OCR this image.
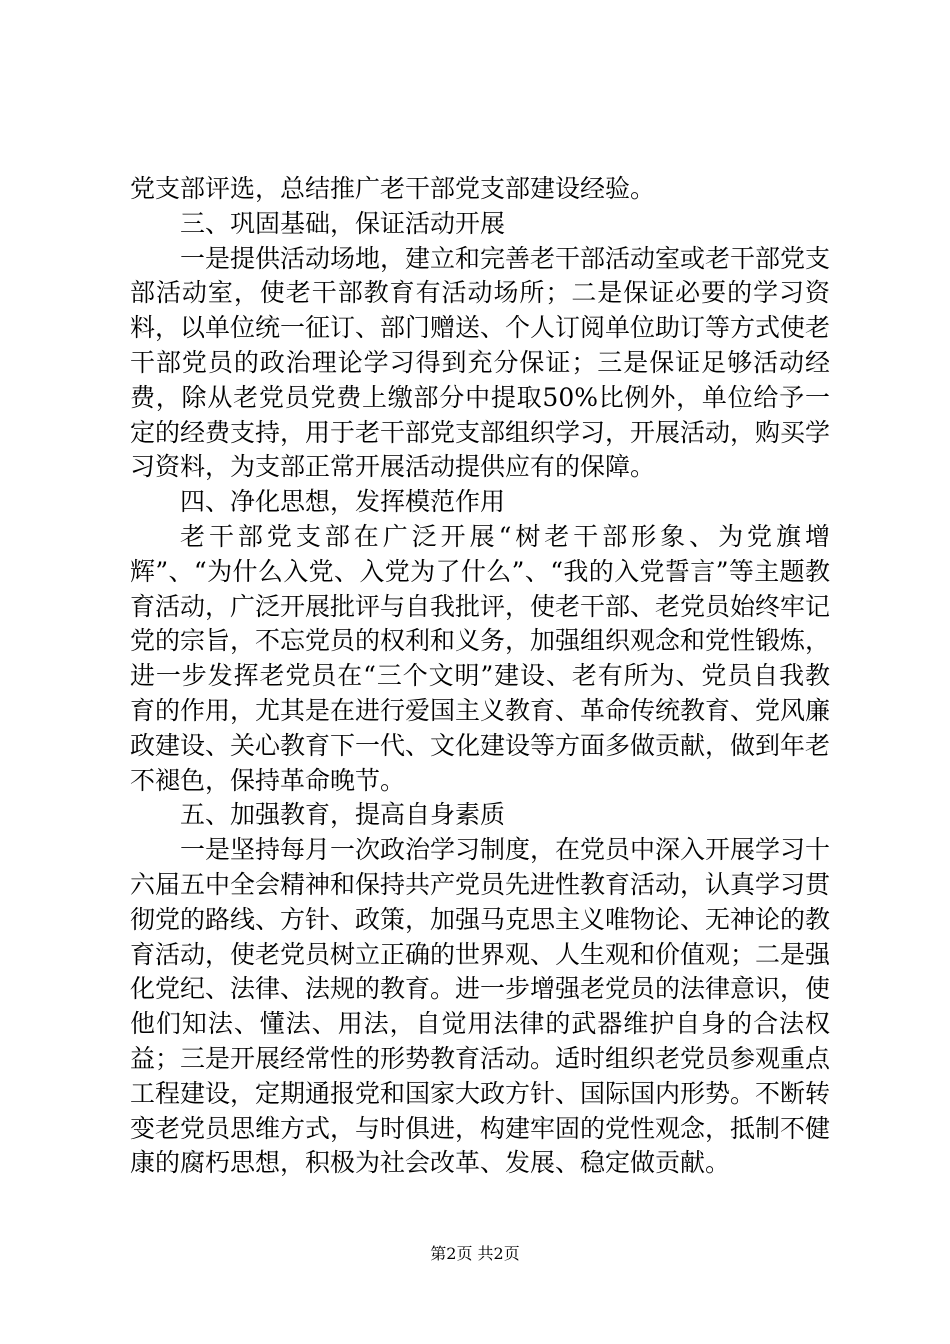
党支部评选，总结推广老干部党支部建设经验。

三、巩固基础，保证活动开展

一是提供活动场地，建立和完善老干部活动室或老干部党支部活动室，使老干部教育有活动场所；二是保证必要的学习资料，以单位统一征订、部门赠送、个人订阅单位助订等方式使老干部党员的政治理论学习得到充分保证；三是保证足够活动经费，除从老党员党费上缴部分中提取50%比例外，单位给予一定的经费支持，用于老干部党支部组织学习，开展活动，购买学习资料，为支部正常开展活动提供应有的保障。

四、净化思想，发挥模范作用

老干部党支部在广泛开展“树老干部形象、为党旗增辉”、“为什么入党、入党为了什么”、“我的入党誓言”等主题教育活动，广泛开展批评与自我批评，使老干部、老党员始终牢记党的宗旨，不忘党员的权利和义务，加强组织观念和党性锻炼，进一步发挥老党员在“三个文明”建设、老有所为、党员自我教育的作用，尤其是在进行爱国主义教育、革命传统教育、党风廉政建设、关心教育下一代、文化建设等方面多做贡献，做到年老不褪色，保持革命晚节。

五、加强教育，提高自身素质

一是坚持每月一次政治学习制度，在党员中深入开展学习十六届五中全会精神和保持共产党员先进性教育活动，认真学习贯彻党的路线、方针、政策，加强马克思主义唯物论、无神论的教育活动，使老党员树立正确的世界观、人生观和价值观；二是强化党纪、法律、法规的教育。进一步增强老党员的法律意识，使他们知法、懂法、用法，自觉用法律的武器维护自身的合法权益；三是开展经常性的形势教育活动。适时组织老党员参观重点工程建设，定期通报党和国家大政方针、国际国内形势。不断转变老党员思维方式，与时俱进，构建牢固的党性观念，抵制不健康的腐朽思想，积极为社会改革、发展、稳定做贡献。

第2页 共2页
